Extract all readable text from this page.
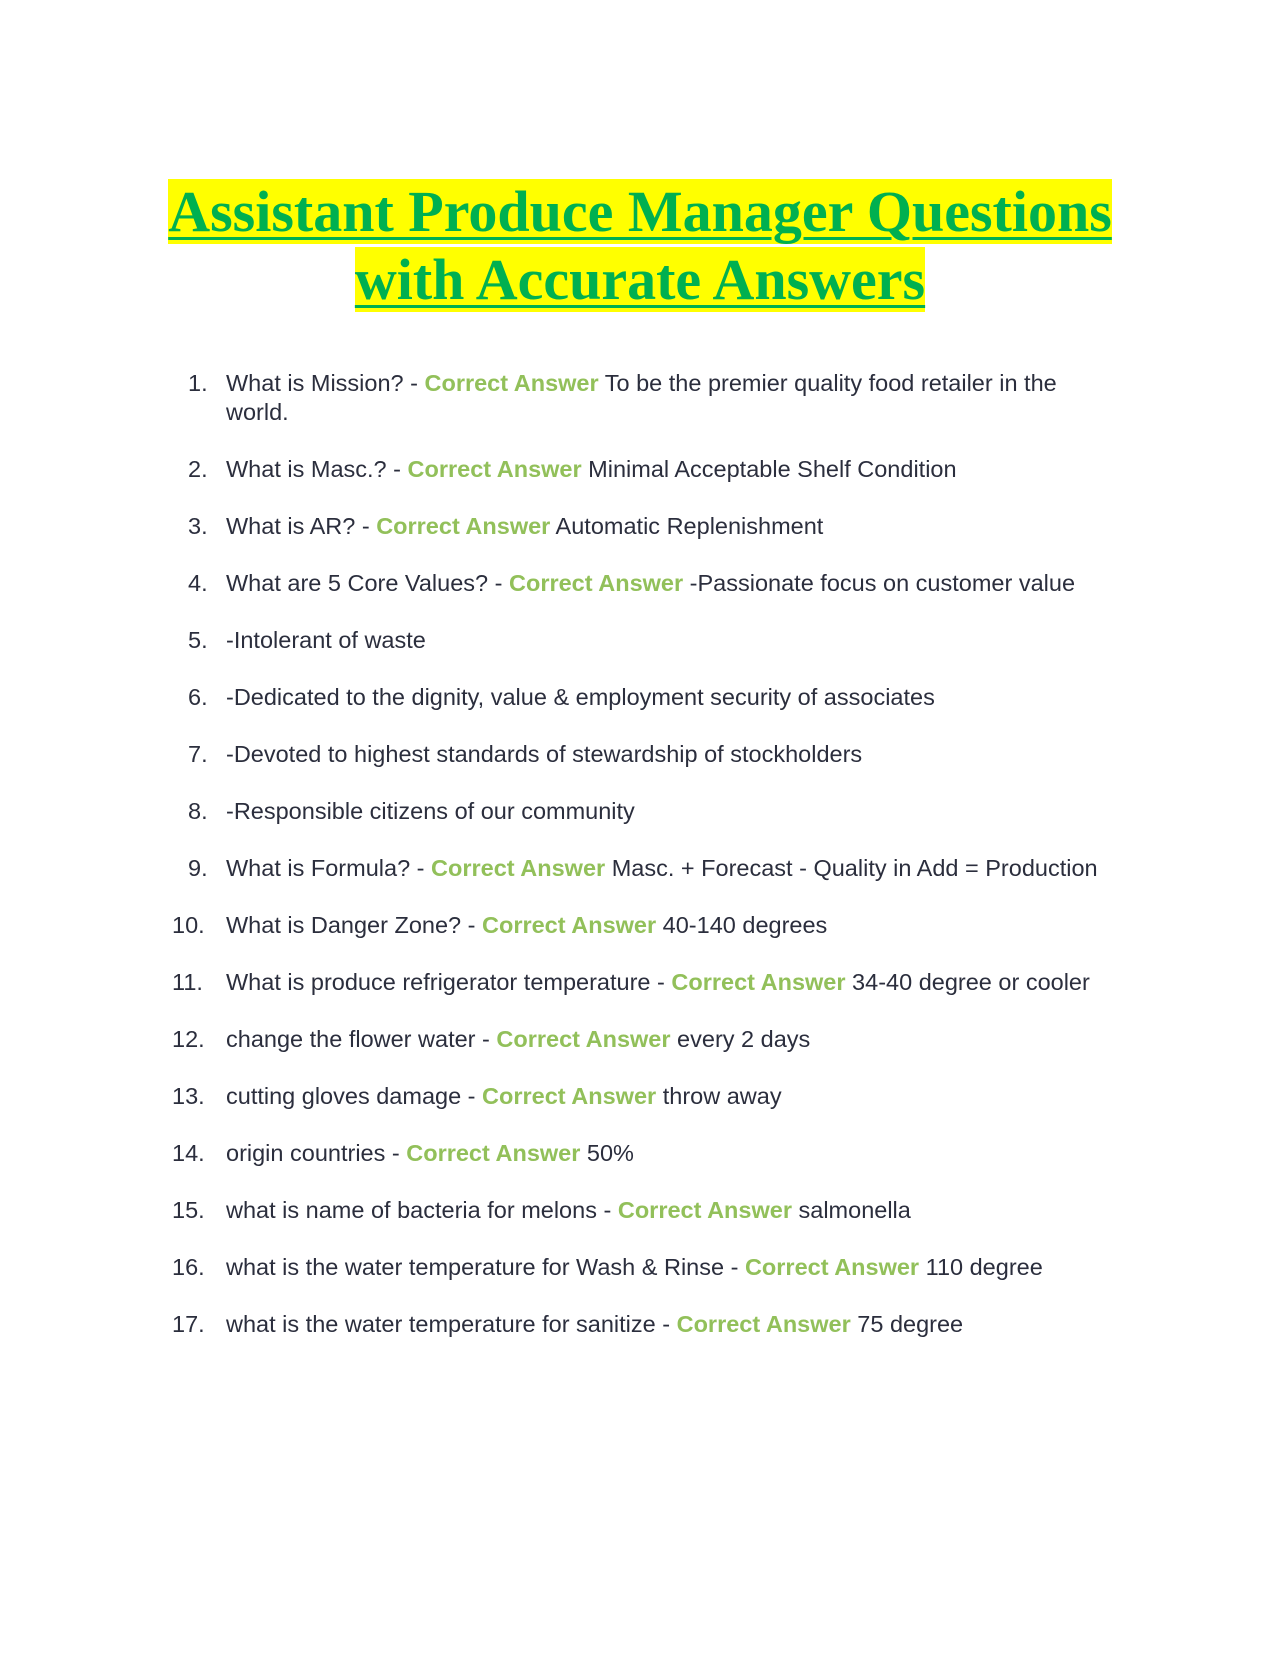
Assistant Produce Manager Questions
with Accurate Answers
1. What is Mission? - Correct Answer To be the premier quality food retailer in the world.
2. What is Masc.? - Correct Answer Minimal Acceptable Shelf Condition
3. What is AR? - Correct Answer Automatic Replenishment
4. What are 5 Core Values? - Correct Answer -Passionate focus on customer value
5. -Intolerant of waste
6. -Dedicated to the dignity, value & employment security of associates
7. -Devoted to highest standards of stewardship of stockholders
8. -Responsible citizens of our community
9. What is Formula? - Correct Answer Masc. + Forecast - Quality in Add = Production
10. What is Danger Zone? - Correct Answer 40-140 degrees
11. What is produce refrigerator temperature - Correct Answer 34-40 degree or cooler
12. change the flower water - Correct Answer every 2 days
13. cutting gloves damage - Correct Answer throw away
14. origin countries - Correct Answer 50%
15. what is name of bacteria for melons - Correct Answer salmonella
16. what is the water temperature for Wash & Rinse - Correct Answer 110 degree
17. what is the water temperature for sanitize - Correct Answer 75 degree
